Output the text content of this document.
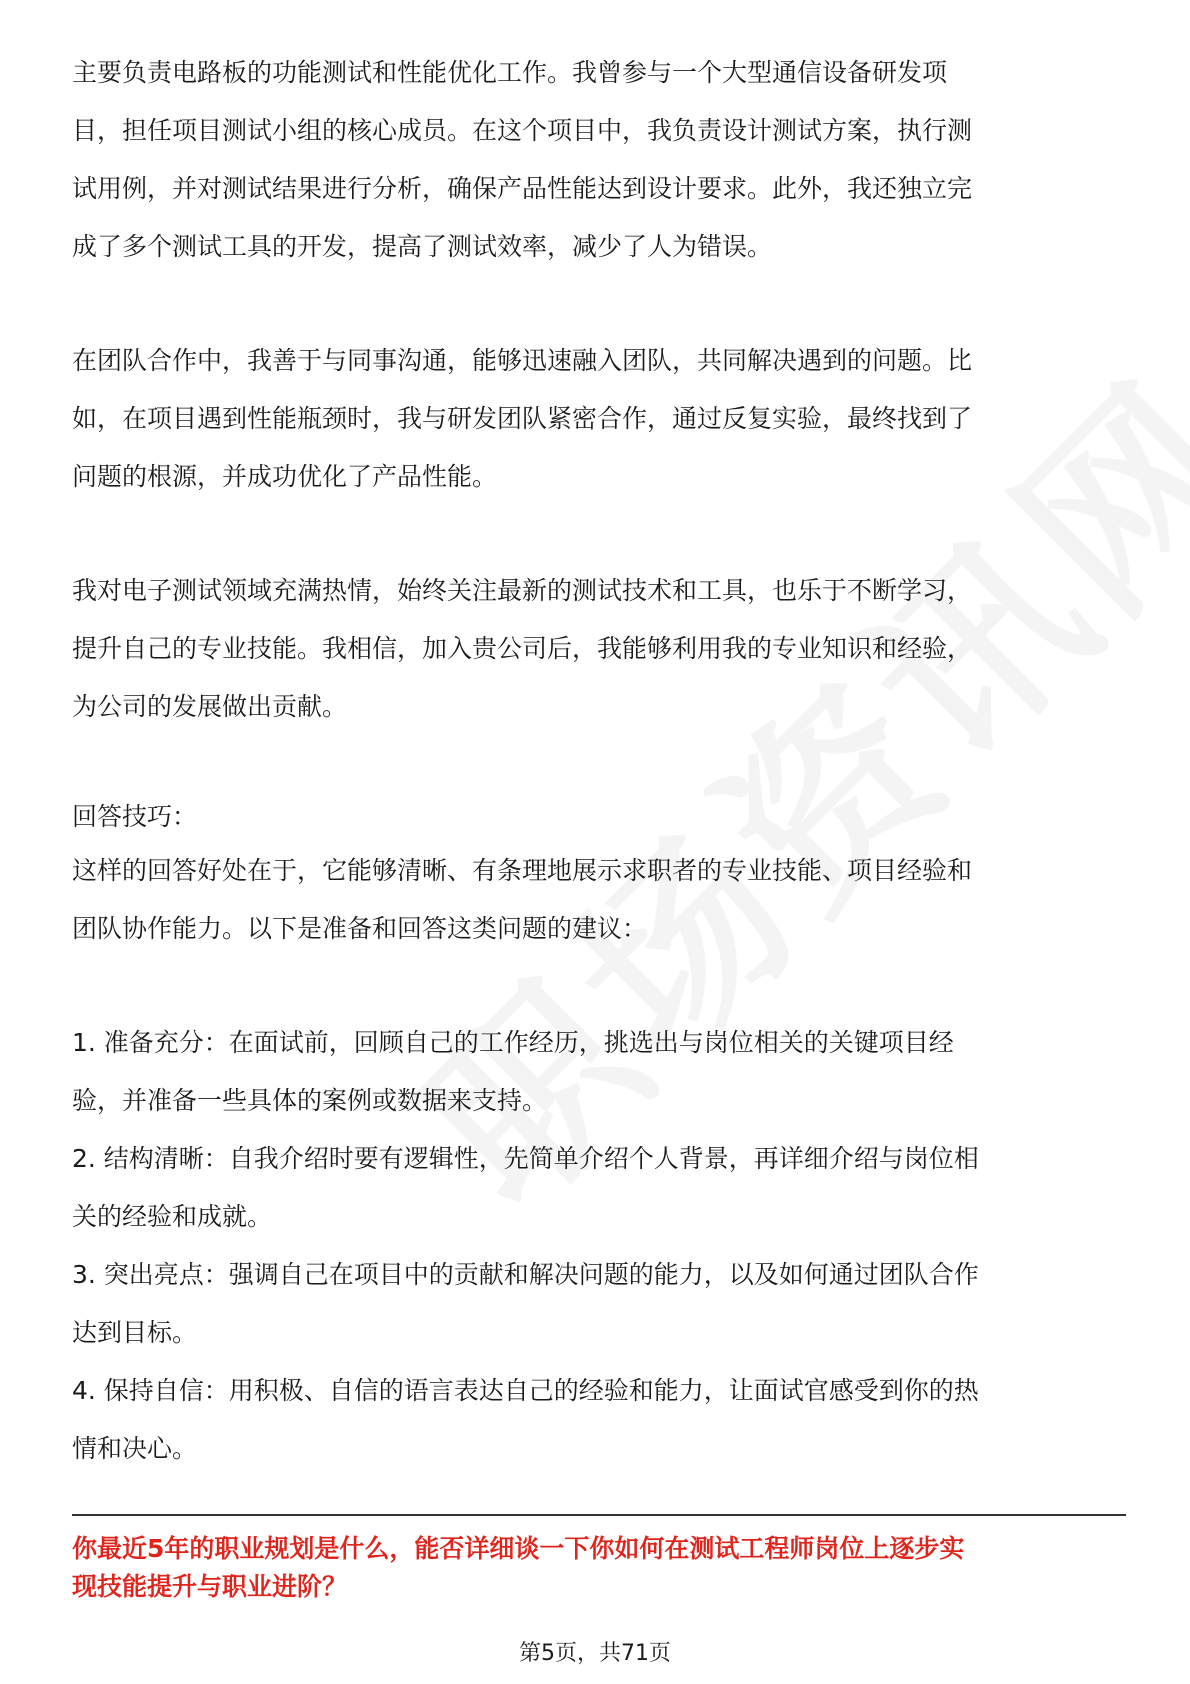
主要负责电路板的功能测试和性能优化工作。我曾参与一个大型通信设备研发项

目，担任项目测试小组的核心成员。在这个项目中，我负责设计测试方案，执行测

试用例，并对测试结果进行分析，确保产品性能达到设计要求。此外，我还独立完

成了多个测试工具的开发，提高了测试效率，减少了人为错误。

在团队合作中，我善于与同事沟通，能够迅速融入团队，共同解决遇到的问题。比

如，在项目遇到性能瓶颈时，我与研发团队紧密合作，通过反复实验，最终找到了

问题的根源，并成功优化了产品性能。

我对电子测试领域充满热情，始终关注最新的测试技术和工具，也乐于不断学习，

提升自己的专业技能。我相信，加入贵公司后，我能够利用我的专业知识和经验，

为公司的发展做出贡献。

回答技巧：

这样的回答好处在于，它能够清晰、有条理地展示求职者的专业技能、项目经验和

团队协作能力。以下是准备和回答这类问题的建议：

1. 准备充分：在面试前，回顾自己的工作经历，挑选出与岗位相关的关键项目经

验，并准备一些具体的案例或数据来支持。

2. 结构清晰：自我介绍时要有逻辑性，先简单介绍个人背景，再详细介绍与岗位相

关的经验和成就。

3. 突出亮点：强调自己在项目中的贡献和解决问题的能力，以及如何通过团队合作

达到目标。

4. 保持自信：用积极、自信的语言表达自己的经验和能力，让面试官感受到你的热

情和决心。

你最近5年的职业规划是什么，能否详细谈一下你如何在测试工程师岗位上逐步实
现技能提升与职业进阶？
第5页，共71页
